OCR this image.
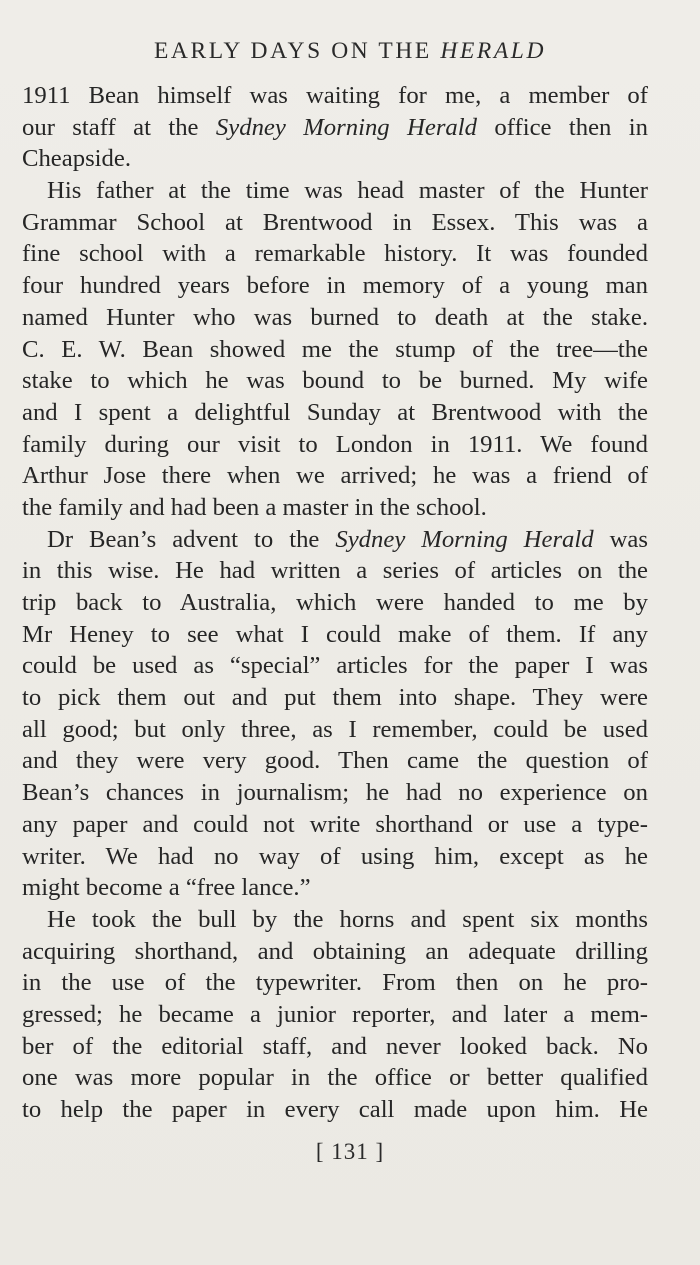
EARLY DAYS ON THE HERALD
1911 Bean himself was waiting for me, a member of
our staff at the Sydney Morning Herald office then in
Cheapside.
His father at the time was head master of the Hunter
Grammar School at Brentwood in Essex. This was a
fine school with a remarkable history. It was founded
four hundred years before in memory of a young man
named Hunter who was burned to death at the stake.
C. E. W. Bean showed me the stump of the tree—the
stake to which he was bound to be burned. My wife
and I spent a delightful Sunday at Brentwood with the
family during our visit to London in 1911. We found
Arthur Jose there when we arrived; he was a friend of
the family and had been a master in the school.
Dr Bean’s advent to the Sydney Morning Herald was
in this wise. He had written a series of articles on the
trip back to Australia, which were handed to me by
Mr Heney to see what I could make of them. If any
could be used as “special” articles for the paper I was
to pick them out and put them into shape. They were
all good; but only three, as I remember, could be used
and they were very good. Then came the question of
Bean’s chances in journalism; he had no experience on
any paper and could not write shorthand or use a type-
writer. We had no way of using him, except as he
might become a “free lance.”
He took the bull by the horns and spent six months
acquiring shorthand, and obtaining an adequate drilling
in the use of the typewriter. From then on he pro-
gressed; he became a junior reporter, and later a mem-
ber of the editorial staff, and never looked back. No
one was more popular in the office or better qualified
to help the paper in every call made upon him. He
[ 131 ]
